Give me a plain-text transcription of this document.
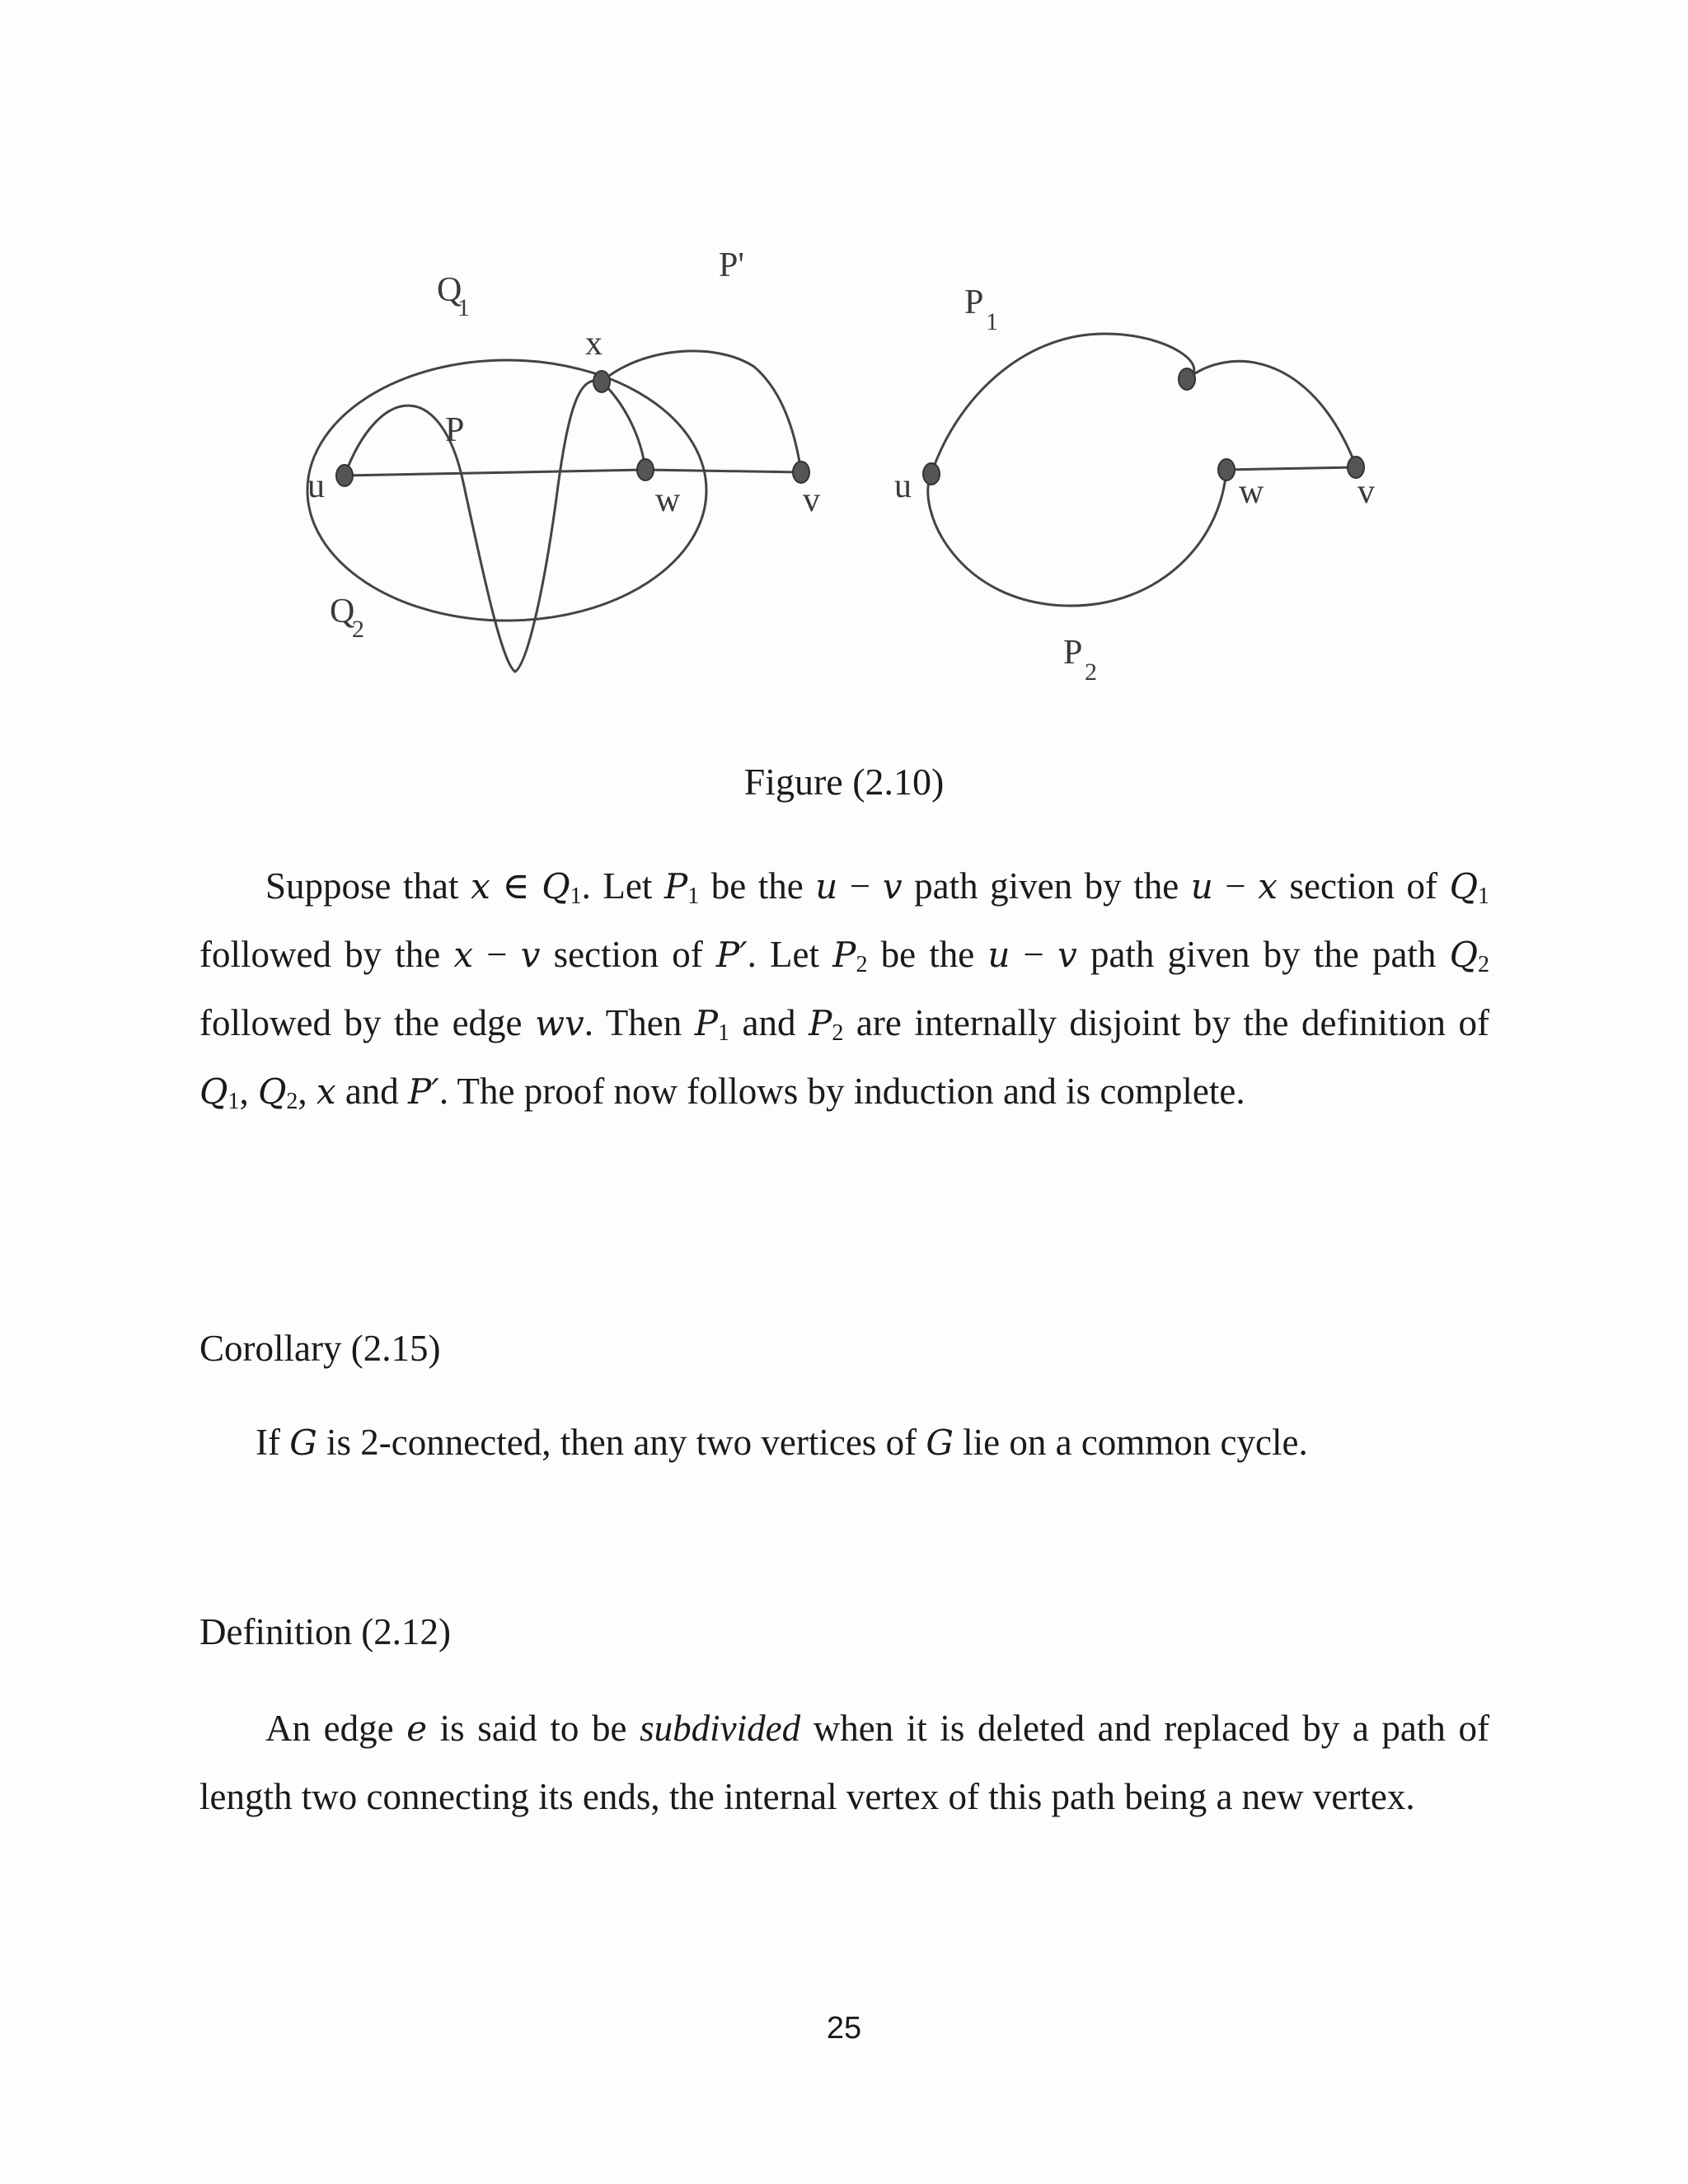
Q
1
P'
x
P
u	w	v
Q
2
P
1
u	w	v
P
2
Figure (2.10)

Suppose that x ∈ $Q_1$. Let $P_1$ be the u − v path given by the u − x section of $Q_1$ followed by the x − v section of P′. Let $P_2$ be the u − v path given by the path $Q_2$ followed by the edge wv. Then $P_1$ and $P_2$ are internally disjoint by the definition of $Q_1$, $Q_2$, x and P′. The proof now follows by induction and is complete.

Corollary (2.15)

If G is 2-connected, then any two vertices of G lie on a common cycle.

Definition (2.12)

An edge e is said to be subdivided when it is deleted and replaced by a path of length two connecting its ends, the internal vertex of this path being a new vertex.

25
